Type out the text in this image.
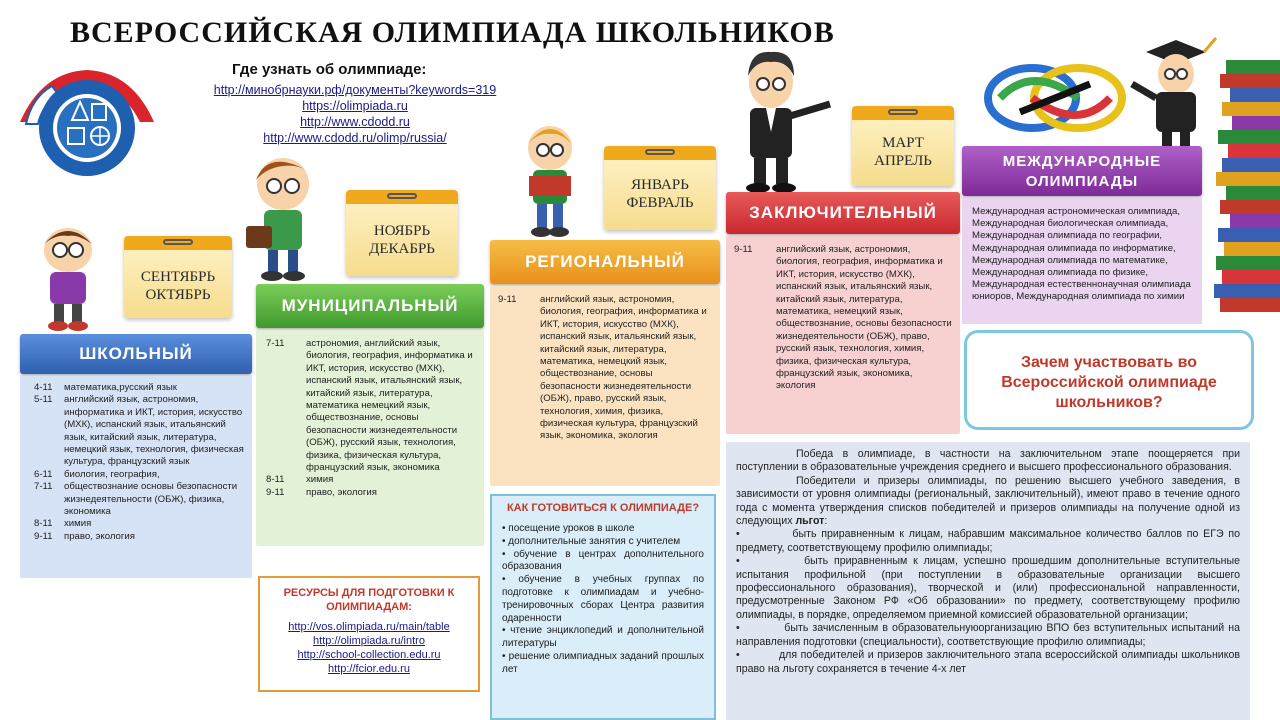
ВСЕРОССИЙСКАЯ ОЛИМПИАДА ШКОЛЬНИКОВ
Где узнать об олимпиаде:
http://минобрнауки.рф/документы?keywords=319
https://olimpiada.ru
http://www.cdodd.ru
http://www.cdodd.ru/olimp/russia/
СЕНТЯБРЬ
ОКТЯБРЬ
НОЯБРЬ
ДЕКАБРЬ
ЯНВАРЬ
ФЕВРАЛЬ
МАРТ
АПРЕЛЬ
ШКОЛЬНЫЙ
4-11	математика,русский язык
5-11	английский язык, астрономия, информатика и ИКТ, история, искусство (МХК), испанский язык, итальянский язык, китайский язык, литература, немецкий язык, технология, физическая культура, французский язык
6-11	биология, география,
7-11	обществознание основы безопасности жизнедеятельности (ОБЖ), физика, экономика
8-11	химия
9-11	право, экология
МУНИЦИПАЛЬНЫЙ
7-11	астрономия, английский язык, биология, география, информатика и ИКТ, история, искусство (МХК), испанский язык, итальянский язык, китайский язык, литература, математика немецкий язык, обществознание, основы безопасности жизнедеятельности (ОБЖ), русский язык, технология, физика, физическая культура, французский язык, экономика
8-11	химия
9-11	право, экология
РЕГИОНАЛЬНЫЙ
9-11	английский язык, астрономия, биология, география, информатика и ИКТ, история, искусство (МХК), испанский язык, итальянский язык, китайский язык, литература, математика, немецкий язык, обществознание, основы безопасности жизнедеятельности (ОБЖ), право, русский язык, технология, химия, физика, физическая культура, французский язык, экономика, экология
ЗАКЛЮЧИТЕЛЬНЫЙ
9-11	английский язык, астрономия, биология, география, информатика и ИКТ, история, искусство (МХК), испанский язык, итальянский язык, китайский язык, литература, математика, немецкий язык, обществознание, основы безопасности жизнедеятельности (ОБЖ), право, русский язык, технология, химия, физика, физическая культура, французский язык, экономика, экология
МЕЖДУНАРОДНЫЕ ОЛИМПИАДЫ
Международная астрономическая олимпиада, Международная биологическая олимпиада, Международная олимпиада по географии, Международная олимпиада по информатике, Международная олимпиада по математике, Международная олимпиада по физике, Международная естественнонаучная олимпиада юниоров, Международная олимпиада по химии
Зачем участвовать во Всероссийской олимпиаде школьников?

Победа в олимпиаде, в частности на заключительном этапе поощеряется при поступлении в образовательные учреждения среднего и высшего профессионального образования.

Победители и призеры олимпиады, по решению высшего учебного заведения, в зависимости от уровня олимпиады (региональный, заключительный), имеют право в течение одного года с момента утверждения списков победителей и призеров олимпиады на получение одной из следующих льгот:

•           быть приравненным к лицам, набравшим максимальное количество баллов по ЕГЭ по предмету, соответствующему профилю олимпиады;

•           быть приравненным к лицам, успешно прошедшим дополнительные вступительные испытания профильной (при поступлении в образовательные организации высшего профессионального образования), творческой и (или) профессиональной направленности, предусмотренные Законом РФ «Об образовании» по предмету, соответствующему профилю олимпиады, в порядке, определяемом приемной комиссией образовательной организации;

•           быть зачисленным в образовательнуюорганизацию ВПО без вступительных испытаний на направления подготовки (специальности), соответствующие профилю олимпиады;

•           для победителей и призеров заключительного этапа всероссийской олимпиады школьников право на льготу сохраняется в течение 4-х лет

КАК ГОТОВИТЬСЯ К ОЛИМПИАДЕ?
• посещение уроков в школе
• дополнительные занятия с учителем
• обучение в центрах дополнительного образования
• обучение в учебных группах по подготовке к олимпиадам и учебно-тренировочных сборах Центра развития одаренности
• чтение энциклопедий и дополнительной литературы
• решение олимпиадных заданий прошлых лет
РЕСУРСЫ ДЛЯ ПОДГОТОВКИ К ОЛИМПИАДАМ:
http://vos.olimpiada.ru/main/table
http://olimpiada.ru/intro
http://school-collection.edu.ru
http://fcior.edu.ru
